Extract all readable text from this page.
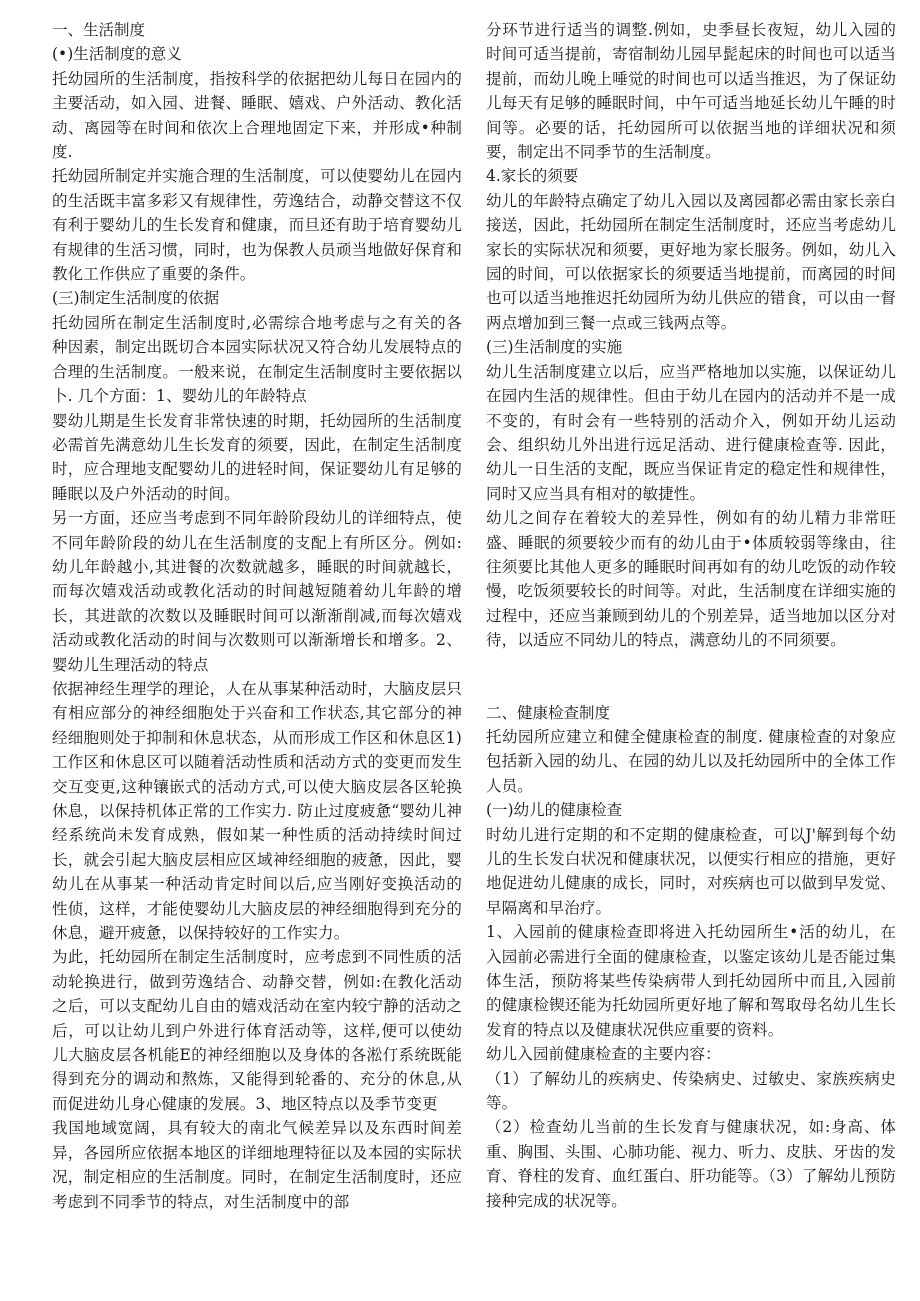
一、生活制度
(•)生活制度的意义

托幼园所的生活制度，指按科学的依据把幼儿每日在园内的主要活动，如入园、进餐、睡眠、嬉戏、户外活动、教化活动、离园等在时间和依次上合理地固定下来，并形成•种制度.

托幼园所制定并实施合理的生活制度，可以使婴幼儿在园内的生活既丰富多彩又有规律性，劳逸结合，动静交替这不仅有利于婴幼儿的生长发育和健康，而旦还有助于培育婴幼儿有规律的生活习惯，同时，也为保教人员顽当地做好保育和教化工作供应了重要的条件。

(三)制定生活制度的依据

托幼园所在制定生活制度时,必需综合地考虑与之有关的各种因素，制定出既切合本园实际状况又符合幼儿发展特点的合理的生活制度。一般来说，在制定生活制度时主要依据以卜. 几个方面：1、婴幼儿的年龄特点

婴幼儿期是生长发育非常快速的时期，托幼园所的生活制度必需首先满意幼儿生长发育的须要，因此，在制定生活制度时，应合理地支配婴幼儿的进轻时间，保证婴幼儿有足够的睡眠以及户外活动的时间。

另一方面，还应当考虑到不同年龄阶段幼儿的详细特点，使不同年龄阶段的幼儿在生活制度的支配上有所区分。例如:幼儿年龄越小,其进餐的次数就越多，睡眠的时间就越长，而每次嬉戏活动或教化活动的时间越短随着幼儿年龄的增长，其进歆的次数以及睡眠时间可以渐渐削减,而每次嬉戏活动或教化活动的时间与次数则可以渐渐增长和增多。2、婴幼儿生理活动的特点

依据神经生理学的理论，人在从事某种活动时，大脑皮层只有相应部分的神经细胞处于兴奋和工作状态,其它部分的神经细胞则处于抑制和休息状态，从而形成工作区和休息区1)工作区和休息区可以随着活动性质和活动方式的变更而发生交互变更,这种镶嵌式的活动方式,可以使大脑皮层各区轮换休息，以保持机体正常的工作实力. 防止过度疲惫“婴幼儿神经系统尚未发育成熟，假如某一种性质的活动持续时间过长，就会引起大脑皮层相应区域神经细胞的疲惫，因此，婴幼儿在从事某一种活动肯定时间以后,应当刚好变换活动的性侦，这样，才能使婴幼儿大脑皮层的神经细胞得到充分的休息，避开疲惫，以保持较好的工作实力。

为此，托幼园所在制定生活制度时，应考虑到不同性质的活动轮换进行，做到劳逸结合、动静交替，例如:在教化活动之后，可以支配幼儿自由的嬉戏活动在室内较宁静的活动之后，可以让幼儿到户外进行体育活动等，这样,便可以使幼儿大脑皮层各机能E的神经细胞以及身体的各淞仃系统既能得到充分的调动和熬炼，又能得到轮番的、充分的休息,从而促进幼儿身心健康的发展。3、地区特点以及季节变更

我国地域宽阔，具有较大的南北气候差异以及东西时间差异，各园所应依据本地区的详细地理特征以及本园的实际状况，制定相应的生活制度。同时，在制定生活制度时，还应考虑到不同季节的特点，对生活制度中的部

分环节进行适当的调整.例如，史季昼长夜短，幼儿入园的时间可适当提前，寄宿制幼儿园早髭起床的时间也可以适当提前，而幼儿晚上唾觉的时间也可以适当推迟，为了保证幼儿每天有足够的睡眠时间，中午可适当地延长幼儿午睡的时间等。必要的话，托幼园所可以依据当地的详细状况和须要，制定出不同季节的生活制度。

4.家长的须要

幼儿的年龄特点确定了幼儿入园以及离园都必需由家长亲白接送，因此，托幼园所在制定生活制度时，还应当考虑幼儿家长的实际状况和须要，更好地为家长服务。例如，幼儿入园的时间，可以依据家长的须要适当地提前，而离园的时间也可以适当地推迟托幼园所为幼儿供应的错食，可以由一督两点增加到三餐一点或三钱两点等。

(三)生活制度的实施

幼儿生活制度建立以后，应当严格地加以实施，以保证幼儿在园内生活的规律性。但由于幼儿在园内的活动并不是一成不变的，有时会有一些特别的活动介入，例如开幼儿运动会、组织幼儿外出进行远足活动、进行健康检查等. 因此，幼儿一日生活的支配，既应当保证肯定的稳定性和规律性，同时又应当具有相对的敏捷性。

幼儿之间存在着较大的差异性，例如有的幼儿精力非常旺盛、睡眠的须要较少而有的幼儿由于•体质较弱等缘由，往往须要比其他人更多的睡眠时间再如有的幼儿吃饭的动作较慢，吃饭须要较长的时间等。对此，生活制度在详细实施的过程中，还应当兼顾到幼儿的个别差异，适当地加以区分对待，以适应不同幼儿的特点，满意幼儿的不同须要。

二、健康检查制度

托幼园所应建立和健全健康检查的制度. 健康检查的对象应包括新入园的幼儿、在园的幼儿以及托幼园所中的全体工作人员。

(一)幼儿的健康检查

时幼儿进行定期的和不定期的健康检查，可以J'解到每个幼儿的生长发白状况和健康状况，以便实行相应的措施，更好地促进幼儿健康的成长，同时，对疾病也可以做到早发觉、早隔离和早治疗。

1、入园前的健康检查即将进入托幼园所生•活的幼儿，在入园前必需进行全面的健康检查，以鉴定该幼儿是否能过集体生活，预防将某些传染病带人到托幼园所中而且,入园前的健康检锲还能为托幼园所更好地了解和驾取母名幼儿生长发育的特点以及健康状况供应重要的资料。

幼儿入园前健康检查的主要内容：

（1）了解幼儿的疾病史、传染病史、过敏史、家族疾病史等。

（2）检查幼儿当前的生长发育与健康状况，如:身高、体重、胸围、头围、心肺功能、视力、听力、皮肤、牙齿的发育、脊柱的发育、血红蛋白、肝功能等。（3）了解幼儿预防接种完成的状况等。
